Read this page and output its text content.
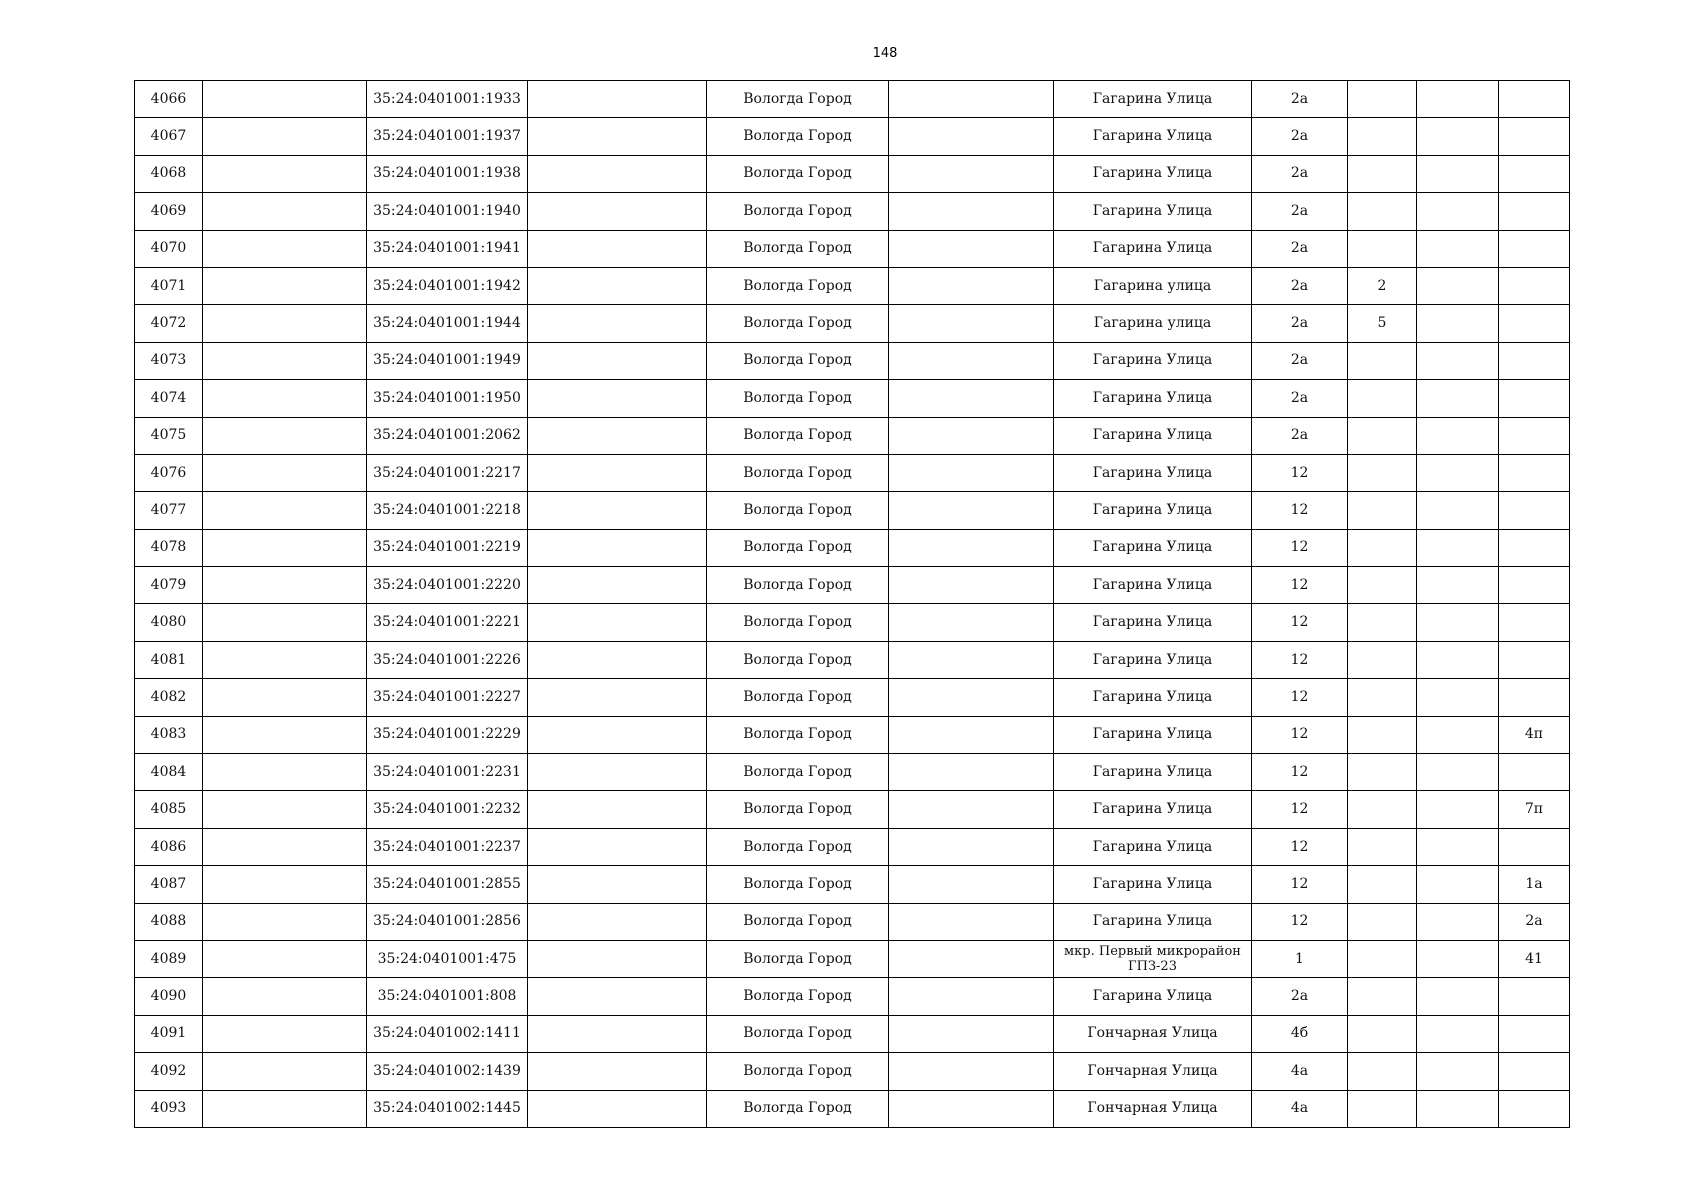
148
4066		35:24:0401001:1933		Вологда Город		Гагарина Улица	2а			
4067		35:24:0401001:1937		Вологда Город		Гагарина Улица	2а			
4068		35:24:0401001:1938		Вологда Город		Гагарина Улица	2а			
4069		35:24:0401001:1940		Вологда Город		Гагарина Улица	2а			
4070		35:24:0401001:1941		Вологда Город		Гагарина Улица	2а			
4071		35:24:0401001:1942		Вологда Город		Гагарина улица	2а	2		
4072		35:24:0401001:1944		Вологда Город		Гагарина улица	2а	5		
4073		35:24:0401001:1949		Вологда Город		Гагарина Улица	2а			
4074		35:24:0401001:1950		Вологда Город		Гагарина Улица	2а			
4075		35:24:0401001:2062		Вологда Город		Гагарина Улица	2а			
4076		35:24:0401001:2217		Вологда Город		Гагарина Улица	12			
4077		35:24:0401001:2218		Вологда Город		Гагарина Улица	12			
4078		35:24:0401001:2219		Вологда Город		Гагарина Улица	12			
4079		35:24:0401001:2220		Вологда Город		Гагарина Улица	12			
4080		35:24:0401001:2221		Вологда Город		Гагарина Улица	12			
4081		35:24:0401001:2226		Вологда Город		Гагарина Улица	12			
4082		35:24:0401001:2227		Вологда Город		Гагарина Улица	12			
4083		35:24:0401001:2229		Вологда Город		Гагарина Улица	12			4п
4084		35:24:0401001:2231		Вологда Город		Гагарина Улица	12			
4085		35:24:0401001:2232		Вологда Город		Гагарина Улица	12			7п
4086		35:24:0401001:2237		Вологда Город		Гагарина Улица	12			
4087		35:24:0401001:2855		Вологда Город		Гагарина Улица	12			1а
4088		35:24:0401001:2856		Вологда Город		Гагарина Улица	12			2а
4089		35:24:0401001:475		Вологда Город		мкр. Первый микрорайон ГПЗ-23	1			41
4090		35:24:0401001:808		Вологда Город		Гагарина Улица	2а			
4091		35:24:0401002:1411		Вологда Город		Гончарная Улица	4б			
4092		35:24:0401002:1439		Вологда Город		Гончарная Улица	4а			
4093		35:24:0401002:1445		Вологда Город		Гончарная Улица	4а			
